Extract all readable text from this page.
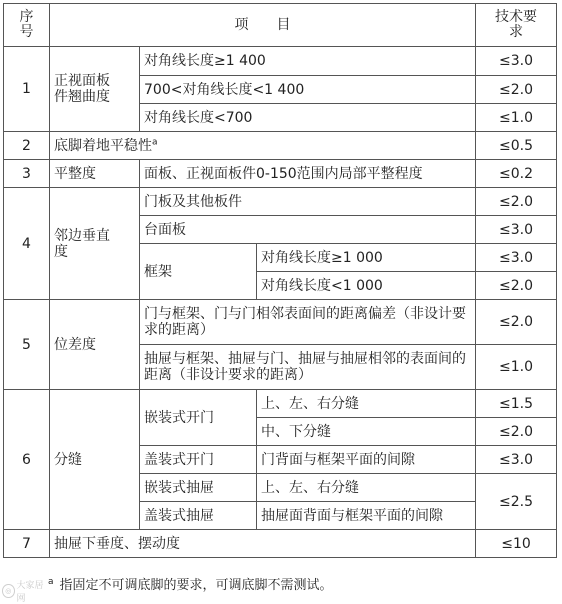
序
号	项　　目			技术要
求
1	正视面板
件翘曲度	对角线长度≥1 400		≤3.0
		700<对角线长度<1 400		≤2.0
		对角线长度<700		≤1.0
2	底脚着地平稳性$^a$			≤0.5
3	平整度	面板、正视面板件0-150范围内局部平整程度		≤0.2
4	邻边垂直
度	门板及其他板件		≤2.0
		台面板		≤3.0
		框架	对角线长度≥1 000	≤3.0
			对角线长度<1 000	≤2.0
5	位差度	门与框架、门与门相邻表面间的距离偏差（非设计要求的距离）		≤2.0
		抽屉与框架、抽屉与门、抽屉与抽屉相邻的表面间的距离（非设计要求的距离）		≤1.0
6	分缝	嵌装式开门	上、左、右分缝	≤1.5
			中、下分缝	≤2.0
		盖装式开门	门背面与框架平面的间隙	≤3.0
		嵌装式抽屉	上、左、右分缝	≤2.5
		盖装式抽屉	抽屉面背面与框架平面的间隙	
7	抽屉下垂度、摆动度			≤10
$^a$ 指固定不可调底脚的要求，可调底脚不需测试。
◎ 大家居网
